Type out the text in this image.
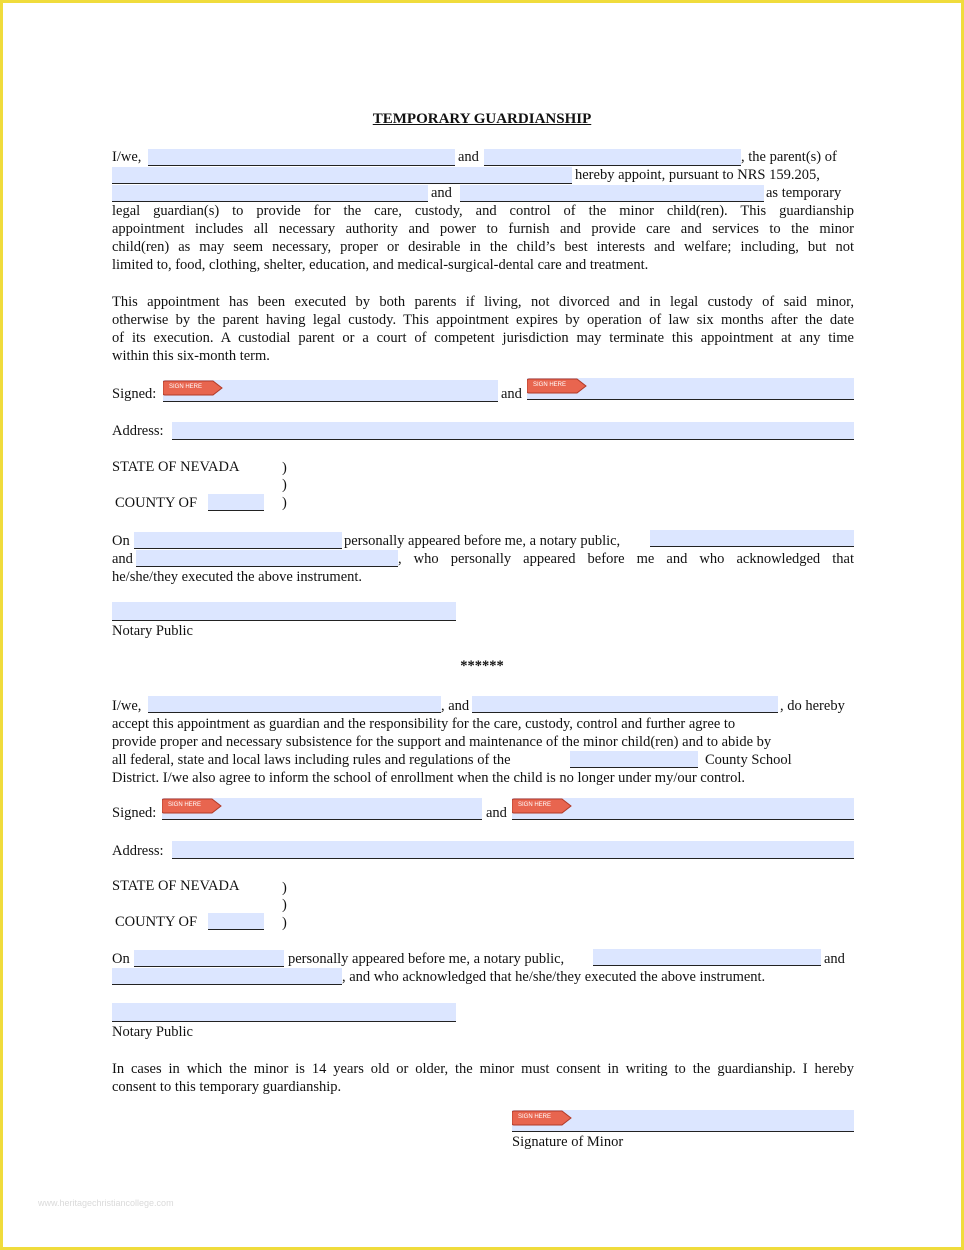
TEMPORARY GUARDIANSHIP
I/we,	and	, the parent(s) of
hereby appoint, pursuant to NRS 159.205,
and	as temporary
legal guardian(s) to provide for the care, custody, and control of the minor child(ren). This guardianship
appointment includes all necessary authority and power to furnish and provide care and services to the minor
child(ren) as may seem necessary, proper or desirable in the child’s best interests and welfare; including, but not
limited to, food, clothing, shelter, education, and medical-surgical-dental care and treatment.
This appointment has been executed by both parents if living, not divorced and in legal custody of said minor,
otherwise by the parent having legal custody. This appointment expires by operation of law six months after the date
of its execution. A custodial parent or a court of competent jurisdiction may terminate this appointment at any time
within this six-month term.
Signed: SIGN HERE	and
SIGN HERE
Address:
STATE OF NEVADA	)
)
COUNTY OF	)
On	personally appeared before me, a notary public,
and	, who personally appeared before me and who acknowledged that
he/she/they executed the above instrument.
Notary Public
******
I/we,	, and	, do hereby
accept this appointment as guardian and the responsibility for the care, custody, control and further agree to
provide proper and necessary subsistence for the support and maintenance of the minor child(ren) and to abide by
all federal, state and local laws including rules and regulations of the	County School
District. I/we also agree to inform the school of enrollment when the child is no longer under my/our control.
Signed: SIGN HERE	and SIGN HERE
Address:
STATE OF NEVADA	)
)
COUNTY OF	)
On	personally appeared before me, a notary public,	and
, and who acknowledged that he/she/they executed the above instrument.
Notary Public
In cases in which the minor is 14 years old or older, the minor must consent in writing to the guardianship. I hereby
consent to this temporary guardianship.
SIGN HERE
Signature of Minor
www.heritagechristiancollege.com
